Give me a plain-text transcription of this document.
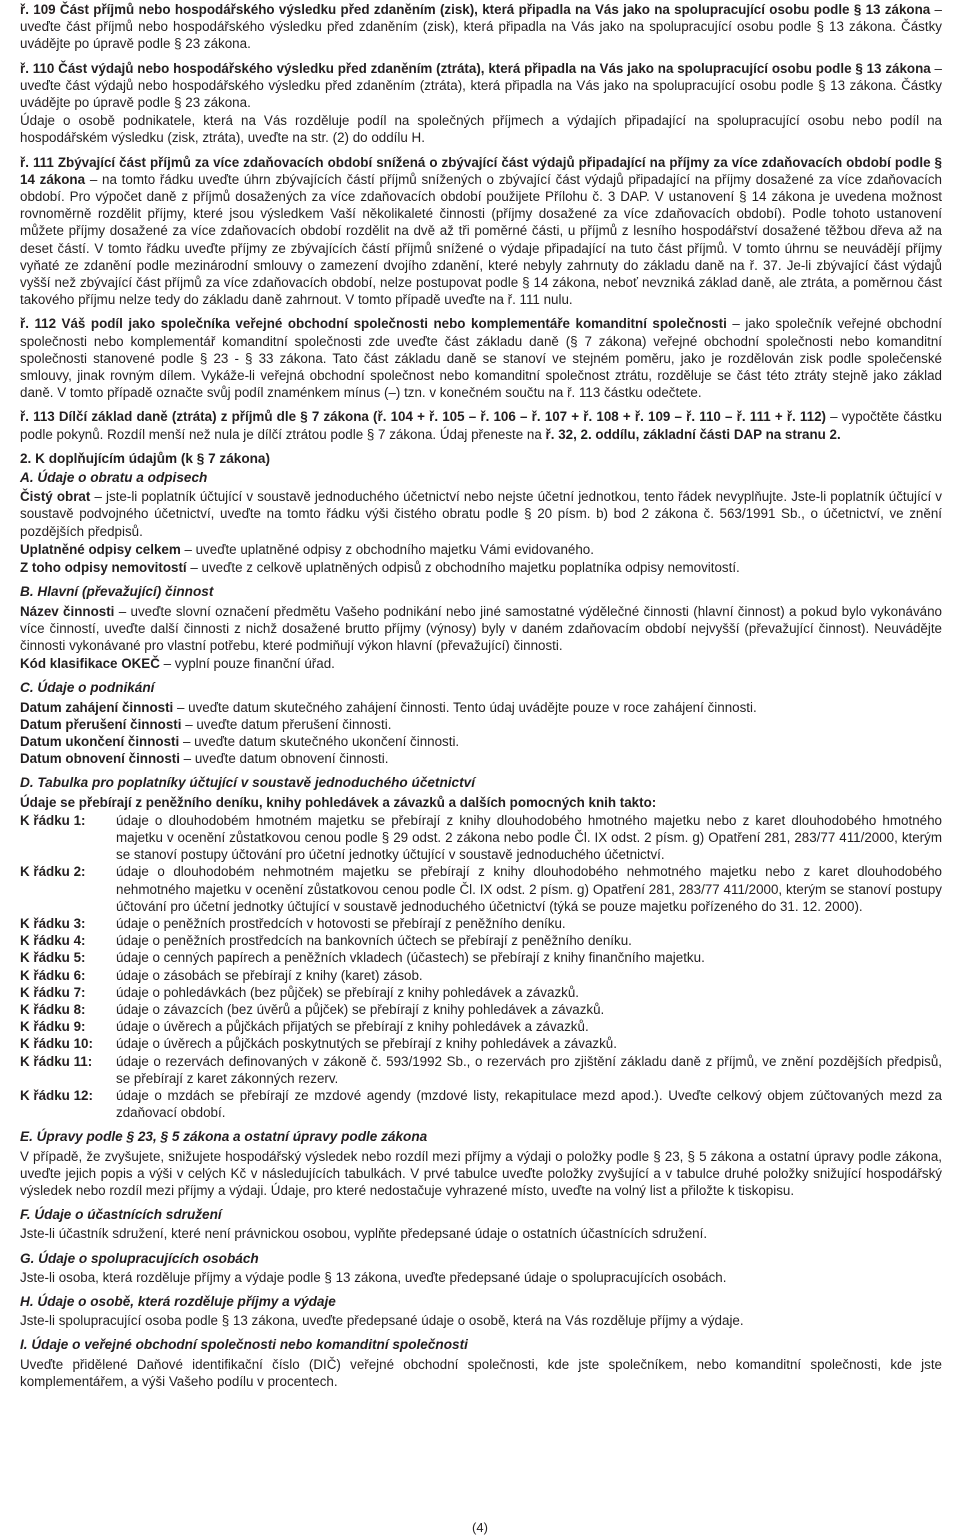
ř. 109 Část příjmů nebo hospodářského výsledku před zdaněním (zisk), která připadla na Vás jako na spolupracující osobu podle § 13 zákona – uveďte část příjmů nebo hospodářského výsledku před zdaněním (zisk), která připadla na Vás jako na spolupracující osobu podle § 13 zákona. Částky uvádějte po úpravě podle § 23 zákona.

ř. 110 Část výdajů nebo hospodářského výsledku před zdaněním (ztráta), která připadla na Vás jako na spolupracující osobu podle § 13 zákona – uveďte část výdajů nebo hospodářského výsledku před zdaněním (ztráta), která připadla na Vás jako na spolupracující osobu podle § 13 zákona. Částky uvádějte po úpravě podle § 23 zákona.

Údaje o osobě podnikatele, která na Vás rozděluje podíl na společných příjmech a výdajích připadající na spolupracující osobu nebo podíl na hospodářském výsledku (zisk, ztráta), uveďte na str. (2) do oddílu H.

ř. 111 Zbývající část příjmů za více zdaňovacích období snížená o zbývající část výdajů připadající na příjmy za více zdaňovacích období podle § 14 zákona – na tomto řádku uveďte úhrn zbývajících částí příjmů snížených o zbývající část výdajů připadající na příjmy dosažené za více zdaňovacích období. Pro výpočet daně z příjmů dosažených za více zdaňovacích období použijete Přílohu č. 3 DAP. V ustanovení § 14 zákona je uvedena možnost rovnoměrně rozdělit příjmy, které jsou výsledkem Vaší několikaleté činnosti (příjmy dosažené za více zdaňovacích období). Podle tohoto ustanovení můžete příjmy dosažené za více zdaňovacích období rozdělit na dvě až tři poměrné části, u příjmů z lesního hospodářství dosažené těžbou dřeva až na deset částí. V tomto řádku uveďte příjmy ze zbývajících částí příjmů snížené o výdaje připadající na tuto část příjmů. V tomto úhrnu se neuvádějí příjmy vyňaté ze zdanění podle mezinárodní smlouvy o zamezení dvojího zdanění, které nebyly zahrnuty do základu daně na ř. 37. Je-li zbývající část výdajů vyšší než zbývající část příjmů za více zdaňovacích období, nelze postupovat podle § 14 zákona, neboť nevzniká základ daně, ale ztráta, a poměrnou část takového příjmu nelze tedy do základu daně zahrnout. V tomto případě uveďte na ř. 111 nulu.

ř. 112 Váš podíl jako společníka veřejné obchodní společnosti nebo komplementáře komanditní společnosti – jako společník veřejné obchodní společnosti nebo komplementář komanditní společnosti zde uveďte část základu daně (§ 7 zákona) veřejné obchodní společnosti nebo komanditní společnosti stanovené podle § 23 - § 33 zákona. Tato část základu daně se stanoví ve stejném poměru, jako je rozdělován zisk podle společenské smlouvy, jinak rovným dílem. Vykáže-li veřejná obchodní společnost nebo komanditní společnost ztrátu, rozděluje se část této ztráty stejně jako základ daně. V tomto případě označte svůj podíl znaménkem mínus (–) tzn. v konečném součtu na ř. 113 částku odečtete.

ř. 113 Dílčí základ daně (ztráta) z příjmů dle § 7 zákona (ř. 104 + ř. 105 – ř. 106 – ř. 107 + ř. 108 + ř. 109 – ř. 110 – ř. 111 + ř. 112) – vypočtěte částku podle pokynů. Rozdíl menší než nula je dílčí ztrátou podle § 7 zákona. Údaj přeneste na ř. 32, 2. oddílu, základní části DAP na stranu 2.

2. K doplňujícím údajům (k § 7 zákona)

A. Údaje o obratu a odpisech

Čistý obrat – jste-li poplatník účtující v soustavě jednoduchého účetnictví nebo nejste účetní jednotkou, tento řádek nevyplňujte. Jste-li poplatník účtující v soustavě podvojného účetnictví, uveďte na tomto řádku výši čistého obratu podle § 20 písm. b) bod 2 zákona č. 563/1991 Sb., o účetnictví, ve znění pozdějších předpisů.

Uplatněné odpisy celkem – uveďte uplatněné odpisy z obchodního majetku Vámi evidovaného.

Z toho odpisy nemovitostí – uveďte z celkově uplatněných odpisů z obchodního majetku poplatníka odpisy nemovitostí.

B. Hlavní (převažující) činnost

Název činnosti – uveďte slovní označení předmětu Vašeho podnikání nebo jiné samostatné výdělečné činnosti (hlavní činnost) a pokud bylo vykonáváno více činností, uveďte další činnosti z nichž dosažené brutto příjmy (výnosy) byly v daném zdaňovacím období nejvyšší (převažující činnost). Neuvádějte činnosti vykonávané pro vlastní potřebu, které podmiňují výkon hlavní (převažující) činnosti.

Kód klasifikace OKEČ – vyplní pouze finanční úřad.

C. Údaje o podnikání

Datum zahájení činnosti – uveďte datum skutečného zahájení činnosti. Tento údaj uvádějte pouze v roce zahájení činnosti.
Datum přerušení činnosti – uveďte datum přerušení činnosti.
Datum ukončení činnosti – uveďte datum skutečného ukončení činnosti.
Datum obnovení činnosti – uveďte datum obnovení činnosti.

D. Tabulka pro poplatníky účtující v soustavě jednoduchého účetnictví

Údaje se přebírají z peněžního deníku, knihy pohledávek a závazků a dalších pomocných knih takto:

K řádku 1:	údaje o dlouhodobém hmotném majetku se přebírají z knihy dlouhodobého hmotného majetku nebo z karet dlouhodobého hmotného majetku v ocenění zůstatkovou cenou podle § 29 odst. 2 zákona nebo podle Čl. IX odst. 2 písm. g) Opatření 281, 283/77 411/2000, kterým se stanoví postupy účtování pro účetní jednotky účtující v soustavě jednoduchého účetnictví.
K řádku 2:	údaje o dlouhodobém nehmotném majetku se přebírají z knihy dlouhodobého nehmotného majetku nebo z karet dlouhodobého nehmotného majetku v ocenění zůstatkovou cenou podle Čl. IX odst. 2 písm. g) Opatření 281, 283/77 411/2000, kterým se stanoví postupy účtování pro účetní jednotky účtující v soustavě jednoduchého účetnictví (týká se pouze majetku pořízeného do 31. 12. 2000).
K řádku 3:	údaje o peněžních prostředcích v hotovosti se přebírají z peněžního deníku.
K řádku 4:	údaje o peněžních prostředcích na bankovních účtech se přebírají z peněžního deníku.
K řádku 5:	údaje o cenných papírech a peněžních vkladech (účastech) se přebírají z knihy finančního majetku.
K řádku 6:	údaje o zásobách se přebírají z knihy (karet) zásob.
K řádku 7:	údaje o pohledávkách (bez půjček) se přebírají z knihy pohledávek a závazků.
K řádku 8:	údaje o závazcích (bez úvěrů a půjček) se přebírají z knihy pohledávek a závazků.
K řádku 9:	údaje o úvěrech a půjčkách přijatých se přebírají z knihy pohledávek a závazků.
K řádku 10:	údaje o úvěrech a půjčkách poskytnutých se přebírají z knihy pohledávek a závazků.
K řádku 11:	údaje o rezervách definovaných v zákoně č. 593/1992 Sb., o rezervách pro zjištění základu daně z příjmů, ve znění pozdějších předpisů, se přebírají z karet zákonných rezerv.
K řádku 12:	údaje o mzdách se přebírají ze mzdové agendy (mzdové listy, rekapitulace mezd apod.). Uveďte celkový objem zúčtovaných mezd za zdaňovací období.

E. Úpravy podle § 23, § 5 zákona a ostatní úpravy podle zákona

V případě, že zvyšujete, snižujete hospodářský výsledek nebo rozdíl mezi příjmy a výdaji o položky podle § 23, § 5 zákona a ostatní úpravy podle zákona, uveďte jejich popis a výši v celých Kč v následujících tabulkách. V prvé tabulce uveďte položky zvyšující a v tabulce druhé položky snižující hospodářský výsledek nebo rozdíl mezi příjmy a výdaji. Údaje, pro které nedostačuje vyhrazené místo, uveďte na volný list a přiložte k tiskopisu.

F. Údaje o účastnících sdružení

Jste-li účastník sdružení, které není právnickou osobou, vyplňte předepsané údaje o ostatních účastnících sdružení.

G. Údaje o spolupracujících osobách

Jste-li osoba, která rozděluje příjmy a výdaje podle § 13 zákona, uveďte předepsané údaje o spolupracujících osobách.

H. Údaje o osobě, která rozděluje příjmy a výdaje

Jste-li spolupracující osoba podle § 13 zákona, uveďte předepsané údaje o osobě, která na Vás rozděluje příjmy a výdaje.

I. Údaje o veřejné obchodní společnosti nebo komanditní společnosti

Uveďte přidělené Daňové identifikační číslo (DIČ) veřejné obchodní společnosti, kde jste společníkem, nebo komanditní společnosti, kde jste komplementářem, a výši Vašeho podílu v procentech.

(4)
